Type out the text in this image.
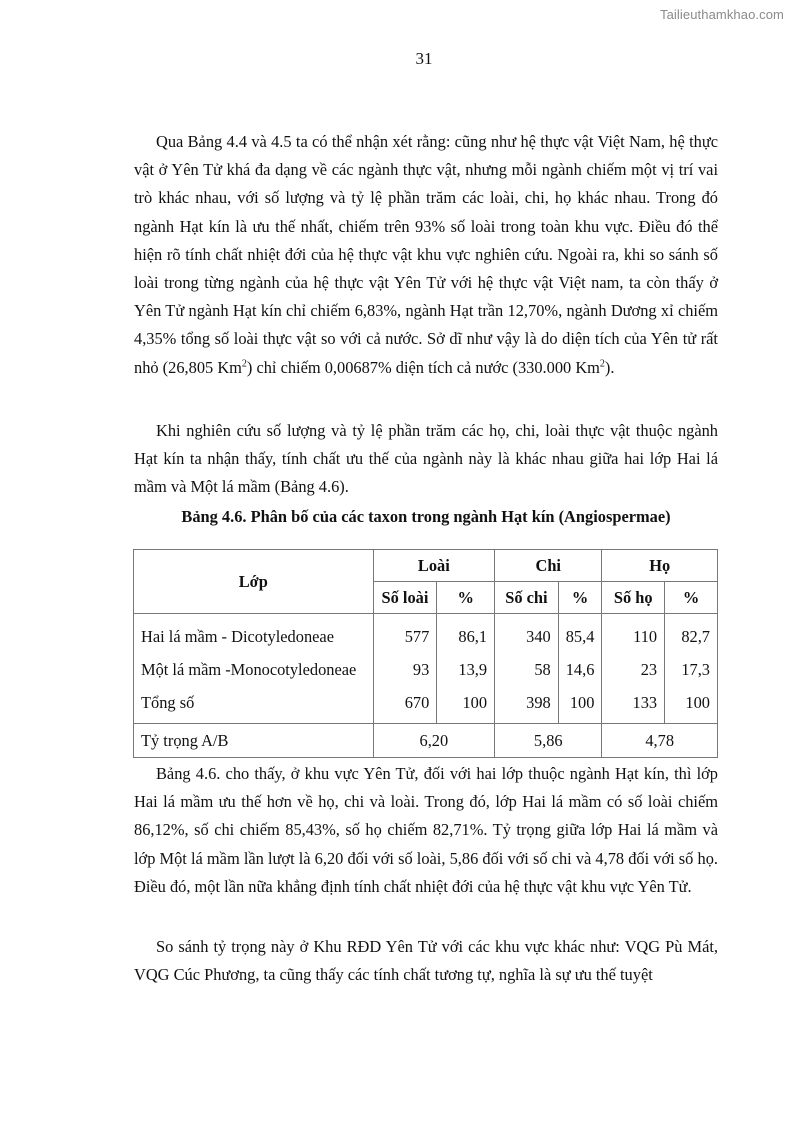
Tailieuthamkhao.com
31

Qua Bảng 4.4 và 4.5 ta có thể nhận xét rằng: cũng như hệ thực vật Việt Nam, hệ thực vật ở Yên Tử khá đa dạng về các ngành thực vật, nhưng mỗi ngành chiếm một vị trí vai trò khác nhau, với số lượng và tỷ lệ phần trăm các loài, chi, họ khác nhau. Trong đó ngành Hạt kín là ưu thế nhất, chiếm trên 93% số loài trong toàn khu vực. Điều đó thể hiện rõ tính chất nhiệt đới của hệ thực vật khu vực nghiên cứu. Ngoài ra, khi so sánh số loài trong từng ngành của hệ thực vật Yên Tử với hệ thực vật Việt nam, ta còn thấy ở Yên Tử ngành Hạt kín chỉ chiếm 6,83%, ngành Hạt trần 12,70%, ngành Dương xỉ chiếm 4,35% tổng số loài thực vật so với cả nước. Sở dĩ như vậy là do diện tích của Yên tử rất nhỏ (26,805 Km$^2$) chỉ chiếm 0,00687% diện tích cả nước (330.000 Km$^2$).

Khi nghiên cứu số lượng và tỷ lệ phần trăm các họ, chi, loài thực vật thuộc ngành Hạt kín ta nhận thấy, tính chất ưu thế của ngành này là khác nhau giữa hai lớp Hai lá mầm và Một lá mầm (Bảng 4.6).

Bảng 4.6. Phân bố của các taxon trong ngành Hạt kín (Angiospermae)
Lớp	Loài		Chi		Họ	
	Số loài	%	Số chi	%	Số họ	%
Hai lá mầm - Dicotyledoneae	577	86,1	340	85,4	110	82,7
Một lá mầm -Monocotyledoneae	93	13,9	58	14,6	23	17,3
Tổng số	670	100	398	100	133	100
Tỷ trọng A/B	6,20		5,86		4,78	

Bảng 4.6. cho thấy, ở khu vực Yên Tử, đối với hai lớp thuộc ngành Hạt kín, thì lớp Hai lá mầm ưu thế hơn về họ, chi và loài. Trong đó, lớp Hai lá mầm có số loài chiếm 86,12%, số chi chiếm 85,43%, số họ chiếm 82,71%. Tỷ trọng giữa lớp Hai lá mầm và lớp Một lá mầm lần lượt là 6,20 đối với số loài, 5,86 đối với số chi và 4,78 đối với số họ. Điều đó, một lần nữa khẳng định tính chất nhiệt đới của hệ thực vật khu vực Yên Tử.

So sánh tỷ trọng này ở Khu RĐD Yên Tử với các khu vực khác như: VQG Pù Mát, VQG Cúc Phương, ta cũng thấy các tính chất tương tự, nghĩa là sự ưu thế tuyệt
